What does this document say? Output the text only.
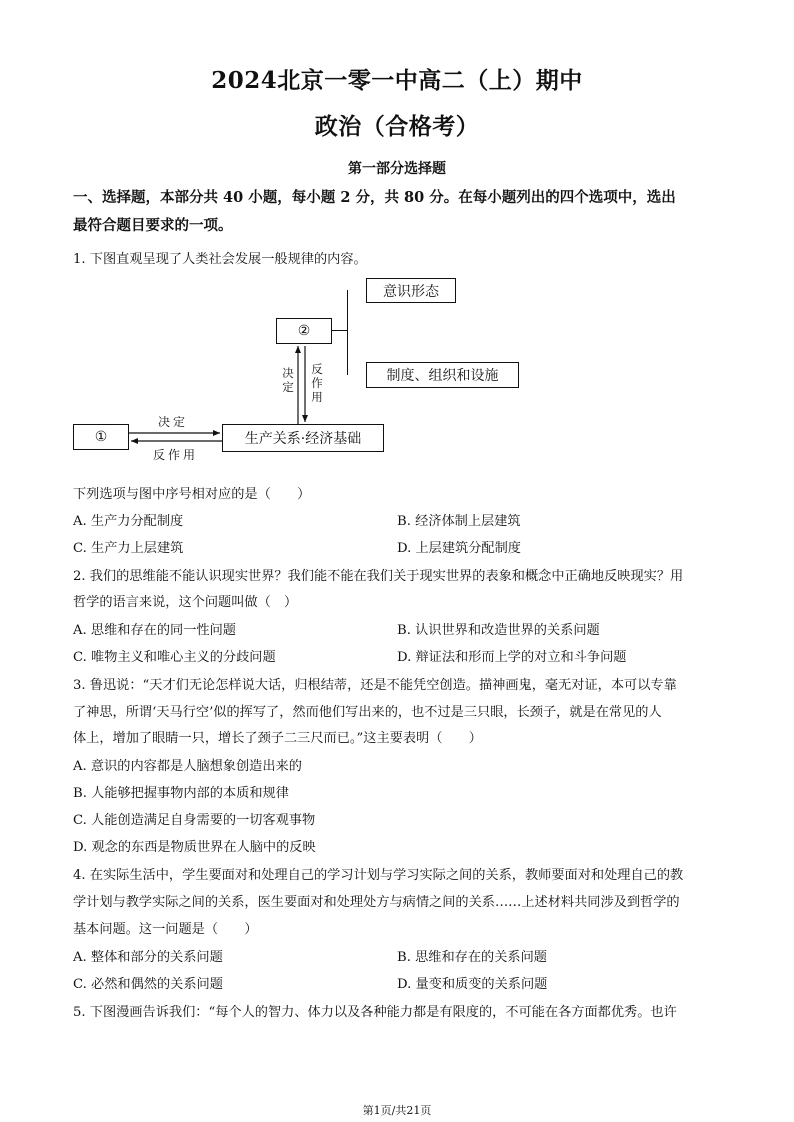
2024北京一零一中高二（上）期中
政治（合格考）
第一部分选择题
一、选择题，本部分共 40 小题，每小题 2 分，共 80 分。在每小题列出的四个选项中，选出
最符合题目要求的一项。
1. 下图直观呈现了人类社会发展一般规律的内容。
意识形态
②
制度、组织和设施
①	生产关系·经济基础
决定
反作用
决定
反作用
下列选项与图中序号相对应的是（　　）
A. 生产力分配制度	B. 经济体制上层建筑
C. 生产力上层建筑	D. 上层建筑分配制度
2. 我们的思维能不能认识现实世界？我们能不能在我们关于现实世界的表象和概念中正确地反映现实？用
哲学的语言来说，这个问题叫做（　）
A. 思维和存在的同一性问题	B. 认识世界和改造世界的关系问题
C. 唯物主义和唯心主义的分歧问题	D. 辩证法和形而上学的对立和斗争问题
3. 鲁迅说：“天才们无论怎样说大话，归根结蒂，还是不能凭空创造。描神画鬼，毫无对证，本可以专靠
了神思，所谓‘天马行空’似的挥写了，然而他们写出来的，也不过是三只眼，长颈子，就是在常见的人
体上，增加了眼睛一只，增长了颈子二三尺而已。”这主要表明（　　）
A. 意识的内容都是人脑想象创造出来的
B. 人能够把握事物内部的本质和规律
C. 人能创造满足自身需要的一切客观事物
D. 观念的东西是物质世界在人脑中的反映
4. 在实际生活中，学生要面对和处理自己的学习计划与学习实际之间的关系，教师要面对和处理自己的教
学计划与教学实际之间的关系，医生要面对和处理处方与病情之间的关系……上述材料共同涉及到哲学的
基本问题。这一问题是（　　）
A. 整体和部分的关系问题	B. 思维和存在的关系问题
C. 必然和偶然的关系问题	D. 量变和质变的关系问题
5. 下图漫画告诉我们：“每个人的智力、体力以及各种能力都是有限度的，不可能在各方面都优秀。也许
第1页/共21页
